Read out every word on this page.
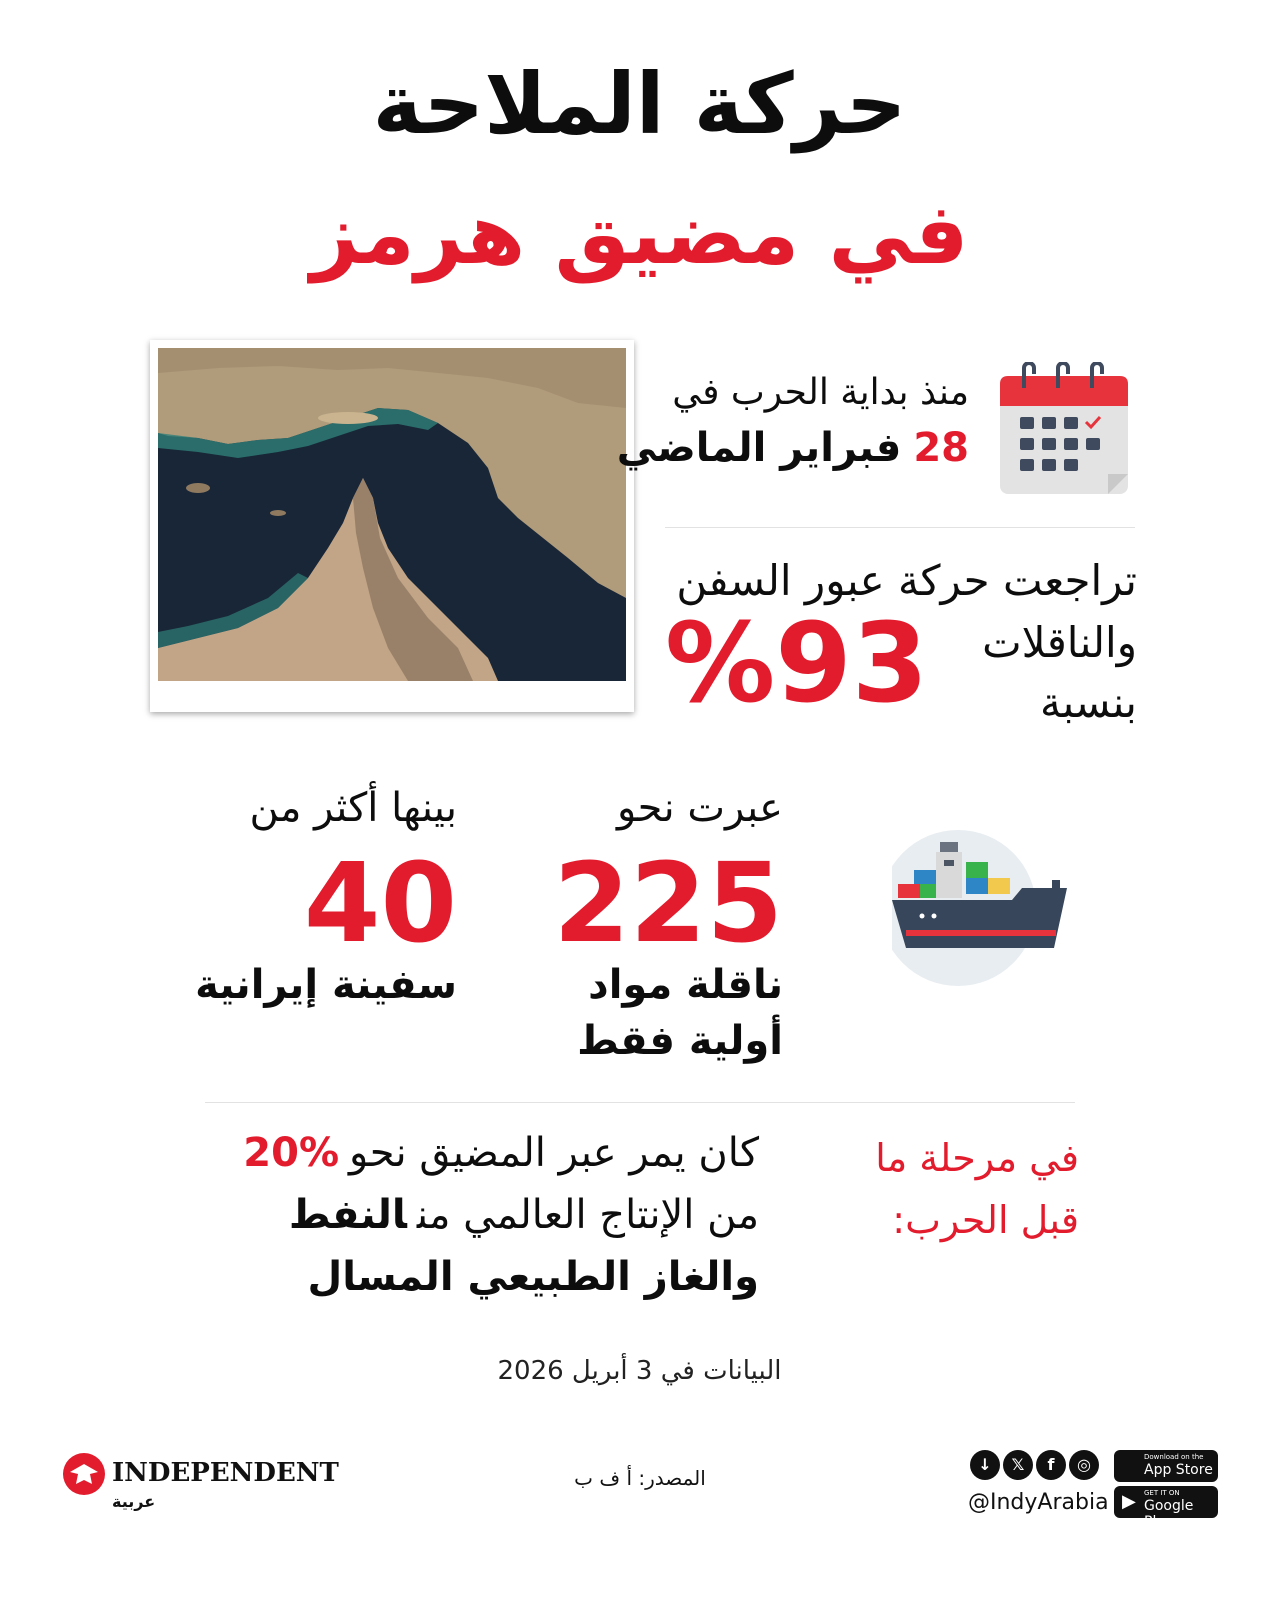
حركة الملاحة
في مضيق هرمز
منذ بداية الحرب في
28فبراير الماضي
تراجعت حركة عبور السفن
والناقلات
بنسبة
%93
عبرت نحو
225
ناقلة مواد
أولية فقط
بينها أكثر من
40
سفينة إيرانية
في مرحلة ما
قبل الحرب:
كان يمر عبر المضيق نحو%20
من الإنتاج العالمي منالنفط
والغاز الطبيعي المسال
البيانات في 3 أبريل 2026
INDEPENDENT
عربية
المصدر: أ ف ب
↓	𝕏	f	◎
@IndyArabia
Download on the
App Store
▶ GET IT ON
Google Play
